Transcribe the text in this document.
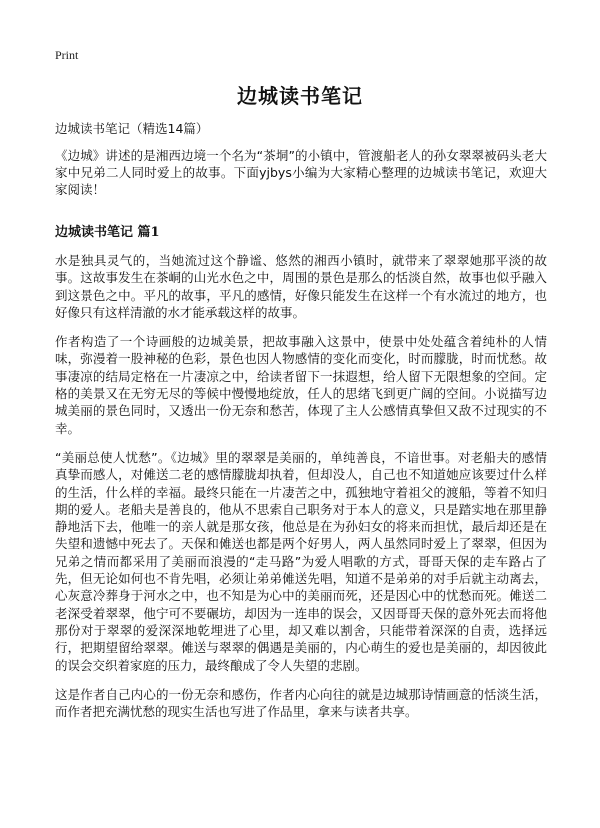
Print
边城读书笔记

边城读书笔记（精选14篇）

《边城》讲述的是湘西边境一个名为“茶垌”的小镇中，管渡船老人的孙女翠翠被码头老大家中兄弟二人同时爱上的故事。下面yjbys小编为大家精心整理的边城读书笔记，欢迎大家阅读！

边城读书笔记 篇1

水是独具灵气的，当她流过这个静谧、悠然的湘西小镇时，就带来了翠翠她那平淡的故事。这故事发生在茶峒的山光水色之中，周围的景色是那么的恬淡自然，故事也似乎融入到这景色之中。平凡的故事，平凡的感情，好像只能发生在这样一个有水流过的地方，也好像只有这样清澈的水才能承载这样的故事。

作者构造了一个诗画般的边城美景，把故事融入这景中，使景中处处蕴含着纯朴的人情味，弥漫着一股神秘的色彩，景色也因人物感情的变化而变化，时而朦胧，时而忧愁。故事凄凉的结局定格在一片凄凉之中，给读者留下一抹遐想，给人留下无限想象的空间。定格的美景又在无穷无尽的等候中慢慢地绽放，任人的思绪飞到更广阔的空间。小说描写边城美丽的景色同时，又透出一份无奈和愁苦，体现了主人公感情真挚但又敌不过现实的不幸。

“美丽总使人忧愁”。《边城》里的翠翠是美丽的，单纯善良，不谙世事。对老船夫的感情真挚而感人，对傩送二老的感情朦胧却执着，但却没人，自己也不知道她应该要过什么样的生活，什么样的幸福。最终只能在一片凄苦之中，孤独地守着祖父的渡船，等着不知归期的爱人。老船夫是善良的，他从不思索自己职务对于本人的意义，只是踏实地在那里静静地活下去，他唯一的亲人就是那女孩，他总是在为孙妇女的将来而担忧，最后却还是在失望和遗憾中死去了。天保和傩送也都是两个好男人，两人虽然同时爱上了翠翠，但因为兄弟之情而都采用了美丽而浪漫的“走马路”为爱人唱歌的方式，哥哥天保的走车路占了先，但无论如何也不肯先唱，必须让弟弟傩送先唱，知道不是弟弟的对手后就主动离去，心灰意冷葬身于河水之中，也不知是为心中的美丽而死，还是因心中的忧愁而死。傩送二老深受着翠翠，他宁可不要碾坊，却因为一连串的误会，又因哥哥天保的意外死去而将他那份对于翠翠的爱深深地乾埋进了心里，却又难以割舍，只能带着深深的自责，选择远行，把期望留给翠翠。傩送与翠翠的偶遇是美丽的，内心萌生的爱也是美丽的，却因彼此的误会交织着家庭的压力，最终酿成了令人失望的悲剧。

这是作者自己内心的一份无奈和感伤，作者内心向往的就是边城那诗情画意的恬淡生活，而作者把充满忧愁的现实生活也写进了作品里，拿来与读者共享。
